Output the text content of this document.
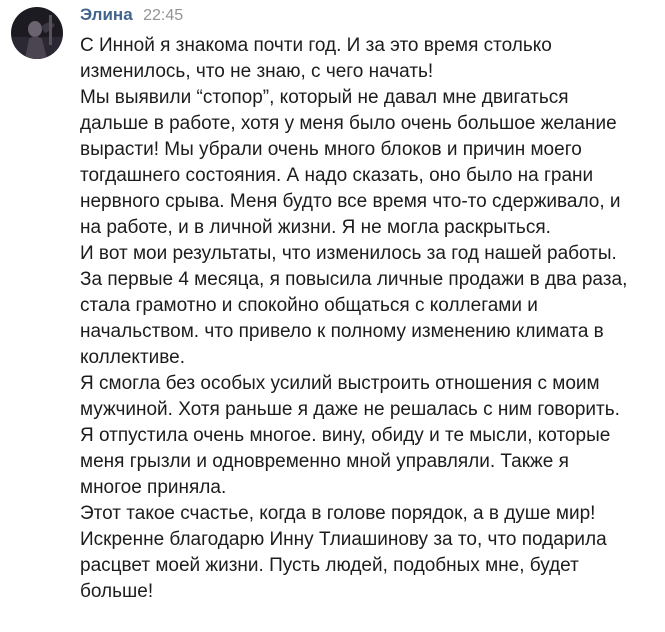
Элина 22:45
С Инной я знакома почти год. И за это время столько
изменилось, что не знаю, с чего начать!
Мы выявили “стопор”, который не давал мне двигаться
дальше в работе, хотя у меня было очень большое желание
вырасти! Мы убрали очень много блоков и причин моего
тогдашнего состояния. А надо сказать, оно было на грани
нервного срыва. Меня будто все время что-то сдерживало, и
на работе, и в личной жизни. Я не могла раскрыться.
И вот мои результаты, что изменилось за год нашей работы.
За первые 4 месяца, я повысила личные продажи в два раза,
стала грамотно и спокойно общаться с коллегами и
начальством. что привело к полному изменению климата в
коллективе.
Я смогла без особых усилий выстроить отношения с моим
мужчиной. Хотя раньше я даже не решалась с ним говорить.
Я отпустила очень многое. вину, обиду и те мысли, которые
меня грызли и одновременно мной управляли. Также я
многое приняла.
Этот такое счастье, когда в голове порядок, а в душе мир!
Искренне благодарю Инну Тлиашинову за то, что подарила
расцвет моей жизни. Пусть людей, подобных мне, будет
больше!
